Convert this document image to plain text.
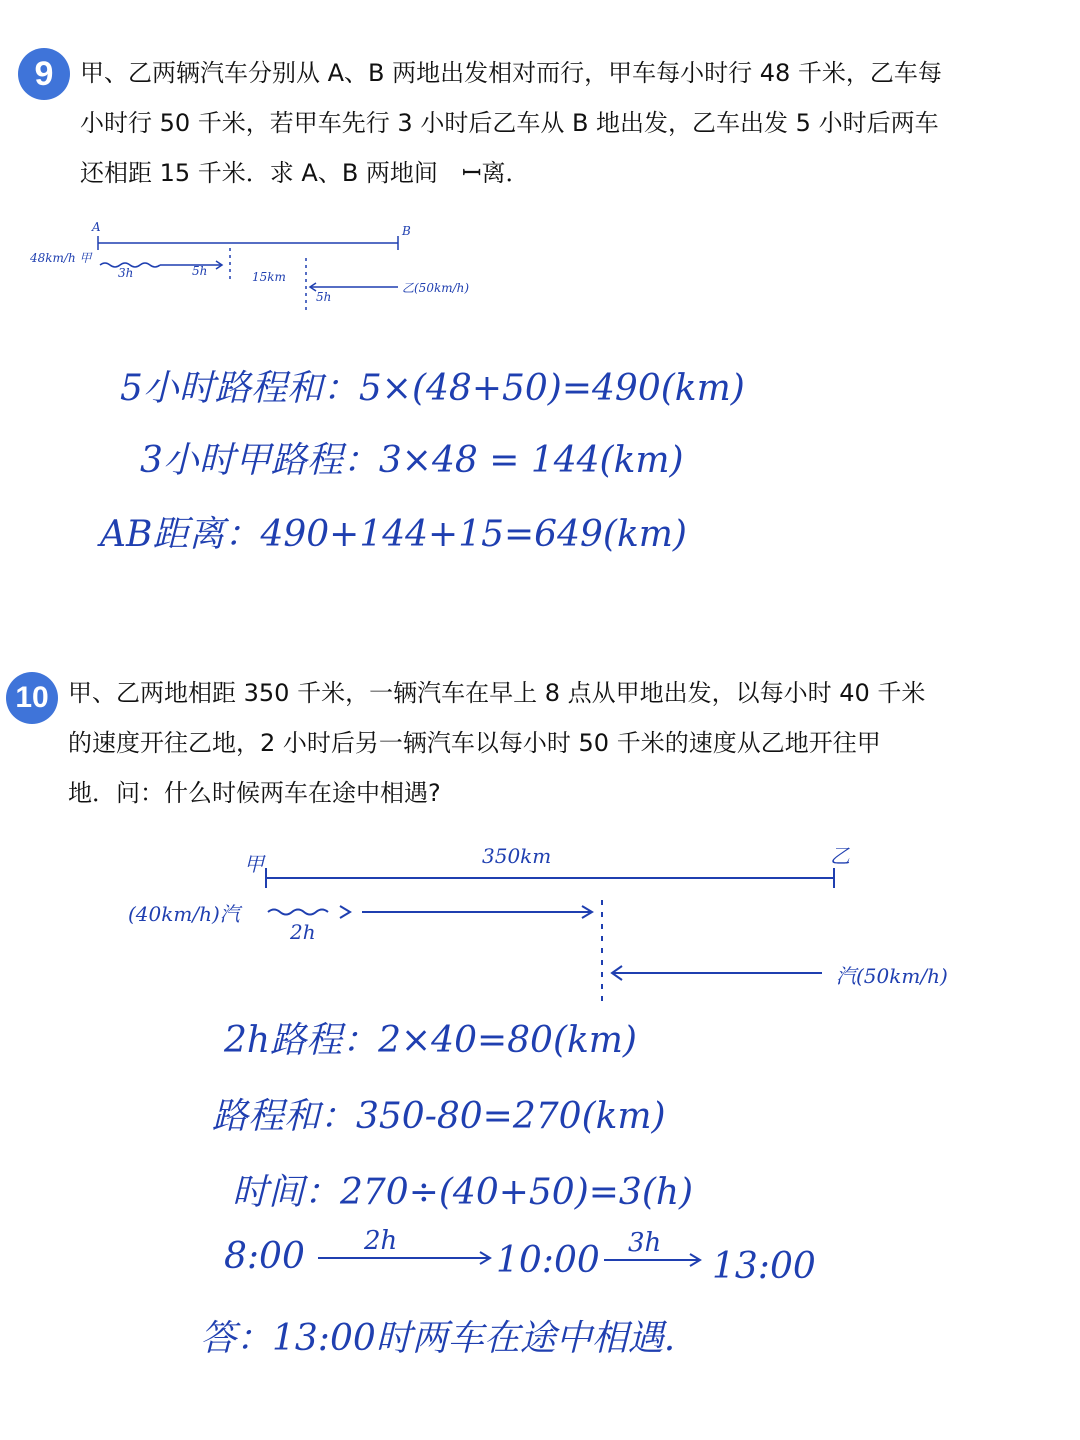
9	甲、乙两辆汽车分别从 A、B 两地出发相对而行，甲车每小时行 48 千米，乙车每
小时行 50 千米，若甲车先行 3 小时后乙车从 B 地出发，乙车出发 5 小时后两车
还相距 15 千米．求 A、B 两地间　ꟷ离．
A	B
48km/h 甲
3h	5h	15km
5h
乙(50km/h)
5小时路程和：5×(48+50)=490(km)
3小时甲路程：3×48 = 144(km)
AB距离：490+144+15=649(km)
10 甲、乙两地相距 350 千米，一辆汽车在早上 8 点从甲地出发，以每小时 40 千米
的速度开往乙地，2 小时后另一辆汽车以每小时 50 千米的速度从乙地开往甲
地．问：什么时候两车在途中相遇?
甲	350km	乙
(40km/h)汽
2h
汽(50km/h)
2h路程：2×40=80(km)
路程和：350-80=270(km)
时间：270÷(40+50)=3(h)
8:00 2h	10:00 3h
13:00
答：13:00时两车在途中相遇.
